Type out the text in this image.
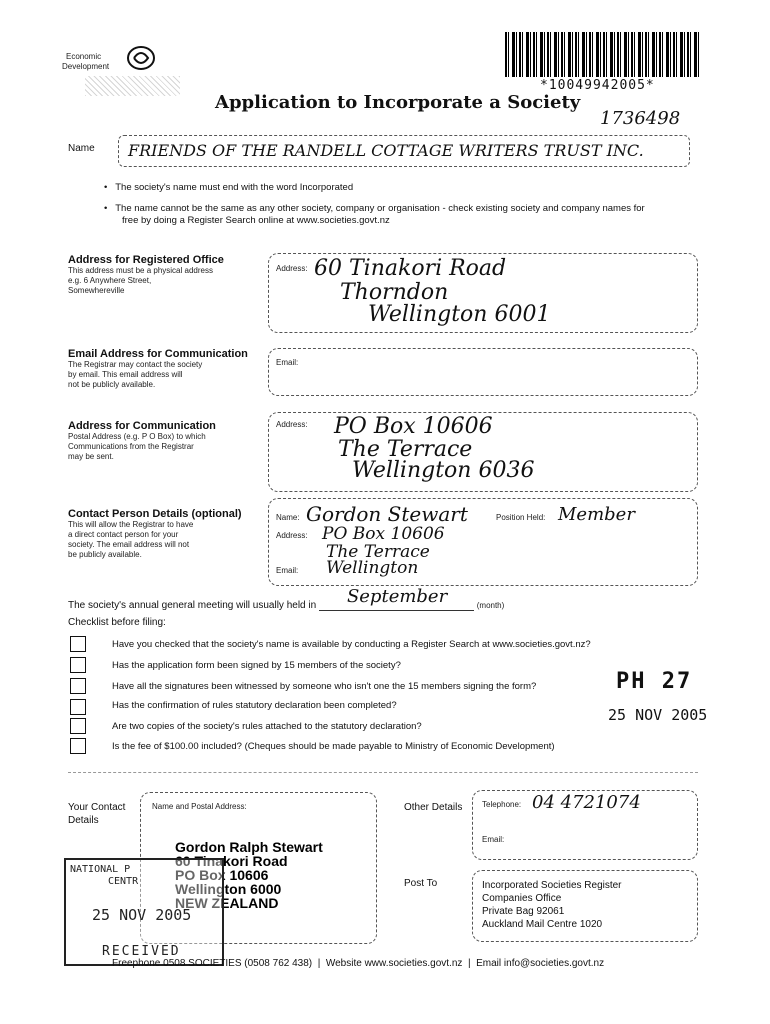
Economic
Development
*10049942005*
Application to Incorporate a Society
1736498
Name FRIENDS OF THE RANDELL COTTAGE WRITERS TRUST INC.
•   The society's name must end with the word Incorporated
•   The name cannot be the same as any other society, company or organisation - check existing society and company names for
free by doing a Register Search online at www.societies.govt.nz
Address for Registered Office
This address must be a physical address
e.g. 6 Anywhere Street,
Somewhereville
Address: 60 Tinakori Road
Thorndon
Wellington 6001
Email Address for Communication
The Registrar may contact the society
by email. This email address will
not be publicly available.
Email:
Address for Communication
Postal Address (e.g. P O Box) to which
Communications from the Registrar
may be sent.
Address: PO Box 10606
The Terrace
Wellington 6036
Contact Person Details (optional)
This will allow the Registrar to have
a direct contact person for your
society. The email address will not
be publicly available.
Name: Gordon Stewart	Position Held: Member
Address: PO Box 10606
The Terrace
Wellington
Email:
The society's annual general meeting will usually held in September	(month)
Checklist before filing:
Have you checked that the society's name is available by conducting a Register Search at www.societies.govt.nz?
Has the application form been signed by 15 members of the society?
Have all the signatures been witnessed by someone who isn't one the 15 members signing the form?
Has the confirmation of rules statutory declaration been completed?
Are two copies of the society's rules attached to the statutory declaration?
Is the fee of $100.00 included? (Cheques should be made payable to Ministry of Economic Development)
PH 27
25 NOV 2005
Your Contact
Details
Name and Postal Address:
Gordon Ralph Stewart
60 Tinakori Road
PO Box 10606
Wellington 6000
NEW ZEALAND
NATIONAL P
CENTR
25 NOV 2005
RECEIVED
Other Details Telephone: 04 4721074
Email:
Post To	Incorporated Societies Register
Companies Office
Private Bag 92061
Auckland Mail Centre 1020
Freephone 0508 SOCIETIES (0508 762 438)  |  Website www.societies.govt.nz  |  Email info@societies.govt.nz
